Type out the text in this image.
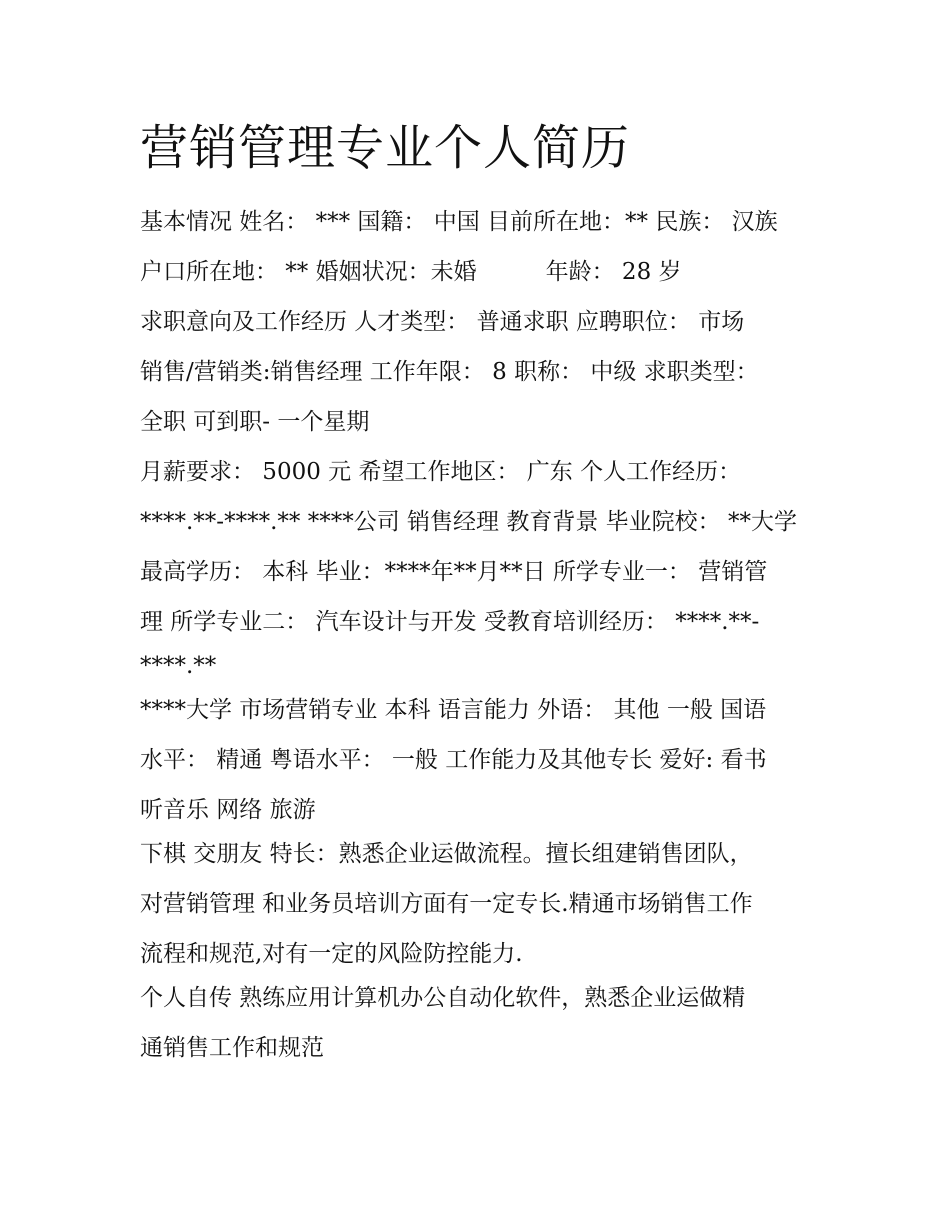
营销管理专业个人简历
基本情况 姓名： *** 国籍： 中国 目前所在地：** 民族： 汉族
户口所在地： ** 婚姻状况：未婚　　　年龄： 28 岁
求职意向及工作经历 人才类型： 普通求职 应聘职位： 市场
销售/营销类:销售经理 工作年限： 8 职称： 中级 求职类型：
全职 可到职- 一个星期
月薪要求： 5000 元 希望工作地区： 广东 个人工作经历：
****.**-****.** ****公司 销售经理 教育背景 毕业院校： **大学
最高学历： 本科 毕业：****年**月**日 所学专业一： 营销管
理 所学专业二： 汽车设计与开发 受教育培训经历： ****.**-
****.**
****大学 市场营销专业 本科 语言能力 外语： 其他 一般 国语
水平： 精通 粤语水平： 一般 工作能力及其他专长 爱好: 看书
听音乐 网络 旅游
下棋 交朋友 特长：熟悉企业运做流程。擅长组建销售团队，
对营销管理 和业务员培训方面有一定专长.精通市场销售工作
流程和规范,对有一定的风险防控能力.
个人自传 熟练应用计算机办公自动化软件，熟悉企业运做精
通销售工作和规范
